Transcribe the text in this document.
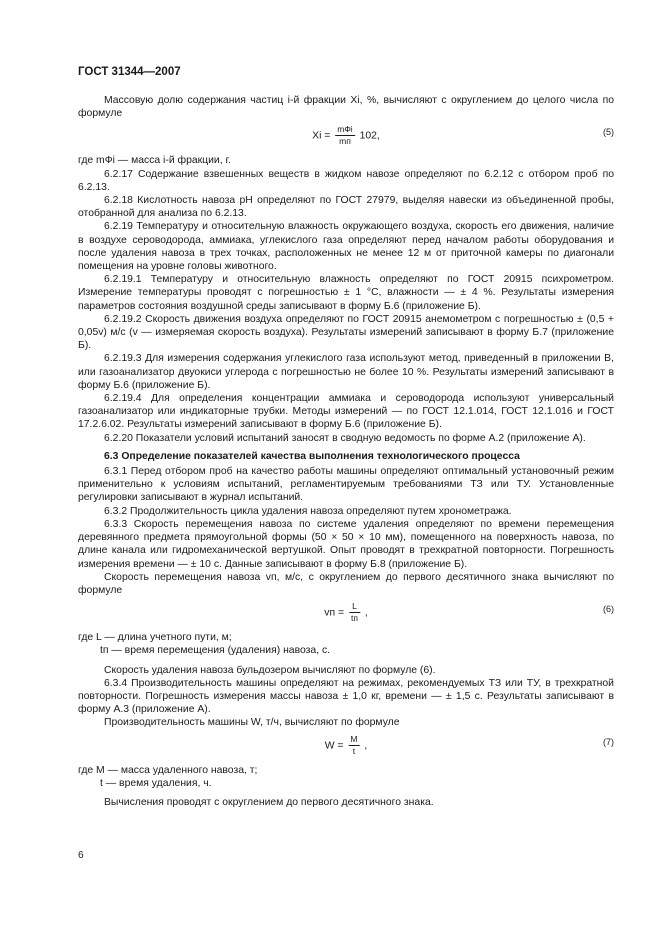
ГОСТ 31344—2007

Массовую долю содержания частиц i-й фракции Xi, %, вычисляют с округлением до целого числа по формуле

$Xi = \frac{\text{mФi}}{mп} 102$,	(5)

где mФi — масса i-й фракции, г.

6.2.17 Содержание взвешенных веществ в жидком навозе определяют по 6.2.12 с отбором проб по 6.2.13.

6.2.18 Кислотность навоза pH определяют по ГОСТ 27979, выделяя навески из объединенной пробы, отобранной для анализа по 6.2.13.

6.2.19 Температуру и относительную влажность окружающего воздуха, скорость его движения, наличие в воздухе сероводорода, аммиака, углекислого газа определяют перед началом работы оборудования и после удаления навоза в трех точках, расположенных не менее 12 м от приточной камеры по диагонали помещения на уровне головы животного.

6.2.19.1 Температуру и относительную влажность определяют по ГОСТ 20915 психрометром. Измерение температуры проводят с погрешностью ± 1 °С, влажности — ± 4 %. Результаты измерения параметров состояния воздушной среды записывают в форму Б.6 (приложение Б).

6.2.19.2 Скорость движения воздуха определяют по ГОСТ 20915 анемометром с погрешностью ± (0,5 + 0,05v) м/с (v — измеряемая скорость воздуха). Результаты измерений записывают в форму Б.7 (приложение Б).

6.2.19.3 Для измерения содержания углекислого газа используют метод, приведенный в приложении В, или газоанализатор двуокиси углерода с погрешностью не более 10 %. Результаты измерений записывают в форму Б.6 (приложение Б).

6.2.19.4 Для определения концентрации аммиака и сероводорода используют универсальный газоанализатор или индикаторные трубки. Методы измерений — по ГОСТ 12.1.014, ГОСТ 12.1.016 и ГОСТ 17.2.6.02. Результаты измерений записывают в форму Б.6 (приложение Б).

6.2.20 Показатели условий испытаний заносят в сводную ведомость по форме А.2 (приложение А).

6.3 Определение показателей качества выполнения технологического процесса

6.3.1 Перед отбором проб на качество работы машины определяют оптимальный установочный режим применительно к условиям испытаний, регламентируемым требованиями ТЗ или ТУ. Установленные регулировки записывают в журнал испытаний.

6.3.2 Продолжительность цикла удаления навоза определяют путем хронометража.

6.3.3 Скорость перемещения навоза по системе удаления определяют по времени перемещения деревянного предмета прямоугольной формы (50 × 50 × 10 мм), помещенного на поверхность навоза, по длине канала или гидромеханической вертушкой. Опыт проводят в трехкратной повторности. Погрешность измерения времени — ± 10 с. Данные записывают в форму Б.8 (приложение Б).

Скорость перемещения навоза vп, м/с, с округлением до первого десятичного знака вычисляют по формуле

vп = $\frac{L}{tп}$ ,	(6)

где L — длина учетного пути, м;

tп — время перемещения (удаления) навоза, с.

Скорость удаления навоза бульдозером вычисляют по формуле (6).

6.3.4 Производительность машины определяют на режимах, рекомендуемых ТЗ или ТУ, в трехкратной повторности. Погрешность измерения массы навоза ± 1,0 кг, времени — ± 1,5 с. Результаты записывают в форму А.3 (приложение А).

Производительность машины W, т/ч, вычисляют по формуле

$W = \frac{M}{t}$ ,	(7)

где M — масса удаленного навоза, т;

t — время удаления, ч.

Вычисления проводят с округлением до первого десятичного знака.

6
